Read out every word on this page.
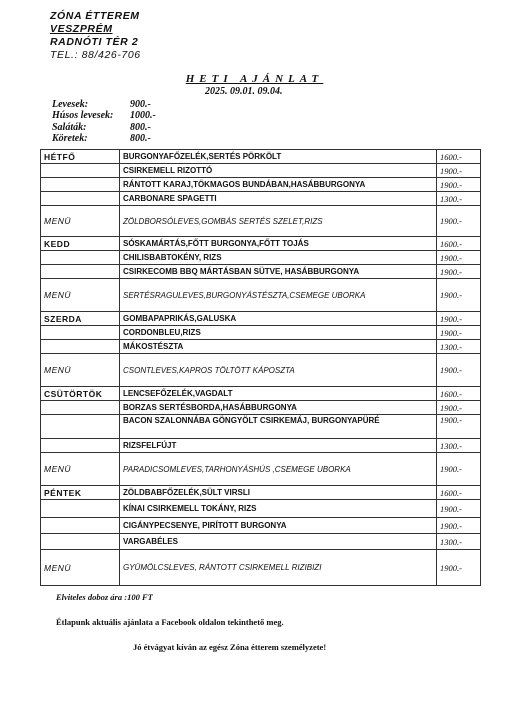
ZÓNA ÉTTEREM
VESZPRÉM
RADNÓTI TÉR 2
TEL.: 88/426-706
HETI AJÁNLAT
2025. 09.01. 09.04.
Levesek:	900.-
Húsos levesek: 1000.-
Saláták:	800.-
Köretek:	800.-
HÉTFŐ	BURGONYAFŐZELÉK,SERTÉS PÖRKÖLT	1600.-
	CSIRKEMELL RIZOTTÓ	1900.-
	RÁNTOTT KARAJ,TÖKMAGOS BUNDÁBAN,HASÁBBURGONYA	1900.-
	CARBONARE SPAGETTI	1300.-
MENÜ	ZÖLDBORSÓLEVES,GOMBÁS SERTÉS SZELET,RIZS	1900.-
KEDD	SÓSKAMÁRTÁS,FŐTT BURGONYA,FŐTT TOJÁS	1600.-
	CHILISBABTOKÉNY, RIZS	1900.-
	CSIRKECOMB BBQ MÁRTÁSBAN SÜTVE, HASÁBBURGONYA	1900.-
MENÜ	SERTÉSRAGULEVES,BURGONYÁSTÉSZTA,CSEMEGE UBORKA	1900.-
SZERDA	GOMBAPAPRIKÁS,GALUSKA	1900.-
	CORDONBLEU,RIZS	1900.-
	MÁKOSTÉSZTA	1300.-
MENÜ	CSONTLEVES,KAPROS TÖLTÖTT KÁPOSZTA	1900.-
CSÜTÖRTÖK	LENCSEFŐZELÉK,VAGDALT	1600.-
	BORZAS SERTÉSBORDA,HASÁBBURGONYA	1900.-
	BACON SZALONNÁBA GÖNGYÖLT CSIRKEMÁJ, BURGONYAPÜRÉ	1900.-
	RIZSFELFÚJT	1300.-
MENÜ	PARADICSOMLEVES,TARHONYÁSHÚS ,CSEMEGE UBORKA	1900.-
PÉNTEK	ZÖLDBABFŐZELÉK,SÜLT VIRSLI	1600.-
	KÍNAI CSIRKEMELL TOKÁNY, RIZS	1900.-
	CIGÁNYPECSENYE, PIRÍTOTT BURGONYA	1900.-
	VARGABÉLES	1300.-
MENÜ	GYÜMÖLCSLEVES, RÁNTOTT CSIRKEMELL RIZIBIZI	1900.-
Elviteles doboz ára :100 FT
Étlapunk aktuális ajánlata a Facebook oldalon tekinthető meg.
Jó étvágyat kíván az egész Zóna étterem személyzete!
